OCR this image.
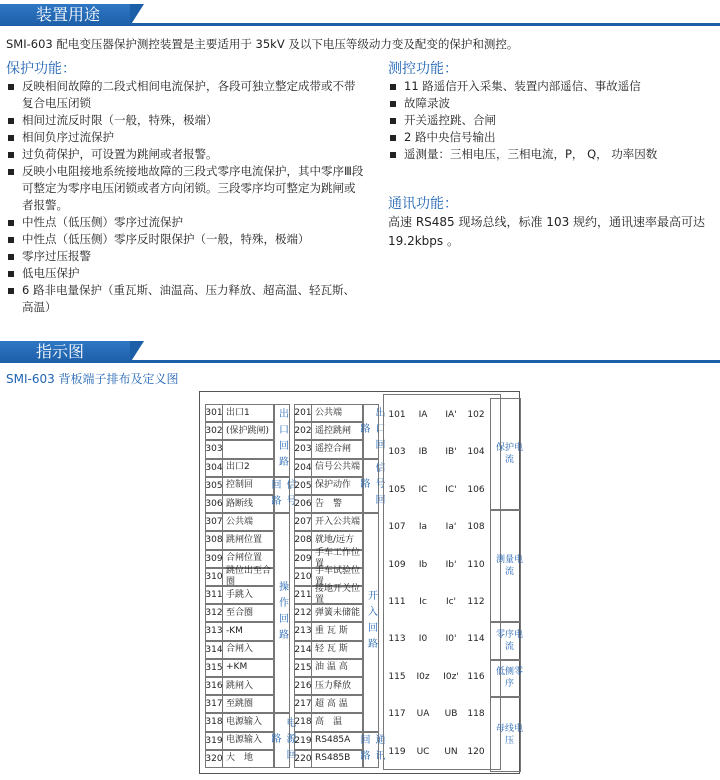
装置用途
SMI-603 配电变压器保护测控装置是主要适用于 35kV 及以下电压等级动力变及配变的保护和测控。
保护功能：
反映相间故障的二段式相间电流保护，各段可独立整定成带或不带复合电压闭锁
相间过流反时限（一般，特殊，极端）
相间负序过流保护
过负荷保护，可设置为跳闸或者报警。
反映小电阻接地系统接地故障的三段式零序电流保护，其中零序Ⅲ段可整定为零序电压闭锁或者方向闭锁。三段零序均可整定为跳闸或者报警。
中性点（低压侧）零序过流保护
中性点（低压侧）零序反时限保护（一般，特殊，极端）
零序过压报警
低电压保护
6 路非电量保护（重瓦斯、油温高、压力释放、超高温、轻瓦斯、高温）
测控功能：
11 路遥信开入采集、装置内部遥信、事故遥信
故障录波
开关遥控跳、合闸
2 路中央信号输出
遥测量：三相电压，三相电流，P， Q， 功率因数
通讯功能：
高速 RS485 现场总线，标准 103 规约，通讯速率最高可达 19.2kbps 。
指示图
SMI-603 背板端子排布及定义图
301 出口1
302 (保护跳闸)
303
304 出口2
305 控制回
306 路断线
307 公共端
308 跳闸位置
309 合闸位置
310
跳位出至合圈
311 手跳入
312 至合圈
313 -KM
314 合闸入
315 +KM
316 跳闸入
317 至跳圈
318 电源输入
319 电源输入
320 大　地
出口回路
信号回路
操作回路
电源回路
201 公共端
202 遥控跳闸
203 遥控合闸
204 信号公共端
205 保护动作
206 告　警
207 开入公共端
208 就地/远方
209
手车工作位置
210
手车试验位置
211
接地开关位置
212 弹簧未储能
213 重 瓦 斯
214 轻 瓦 斯
215 油 温 高
216 压力释放
217 超 高 温
218 高　温
219 RS485A
220 RS485B
出口回路
信号回路
开入回路
通讯回路
101	IA	IA'	102
103	IB	IB'	104
105	IC	IC'	106
107	Ia	Ia'	108
109	Ib	Ib'	110
111	Ic	Ic'	112
113	I0	I0'	114
115	I0z	I0z' 116
117	UA	UB	118
119	UC	UN	120
保护电流
测量电流
零序电流
低侧零序
母线电压
